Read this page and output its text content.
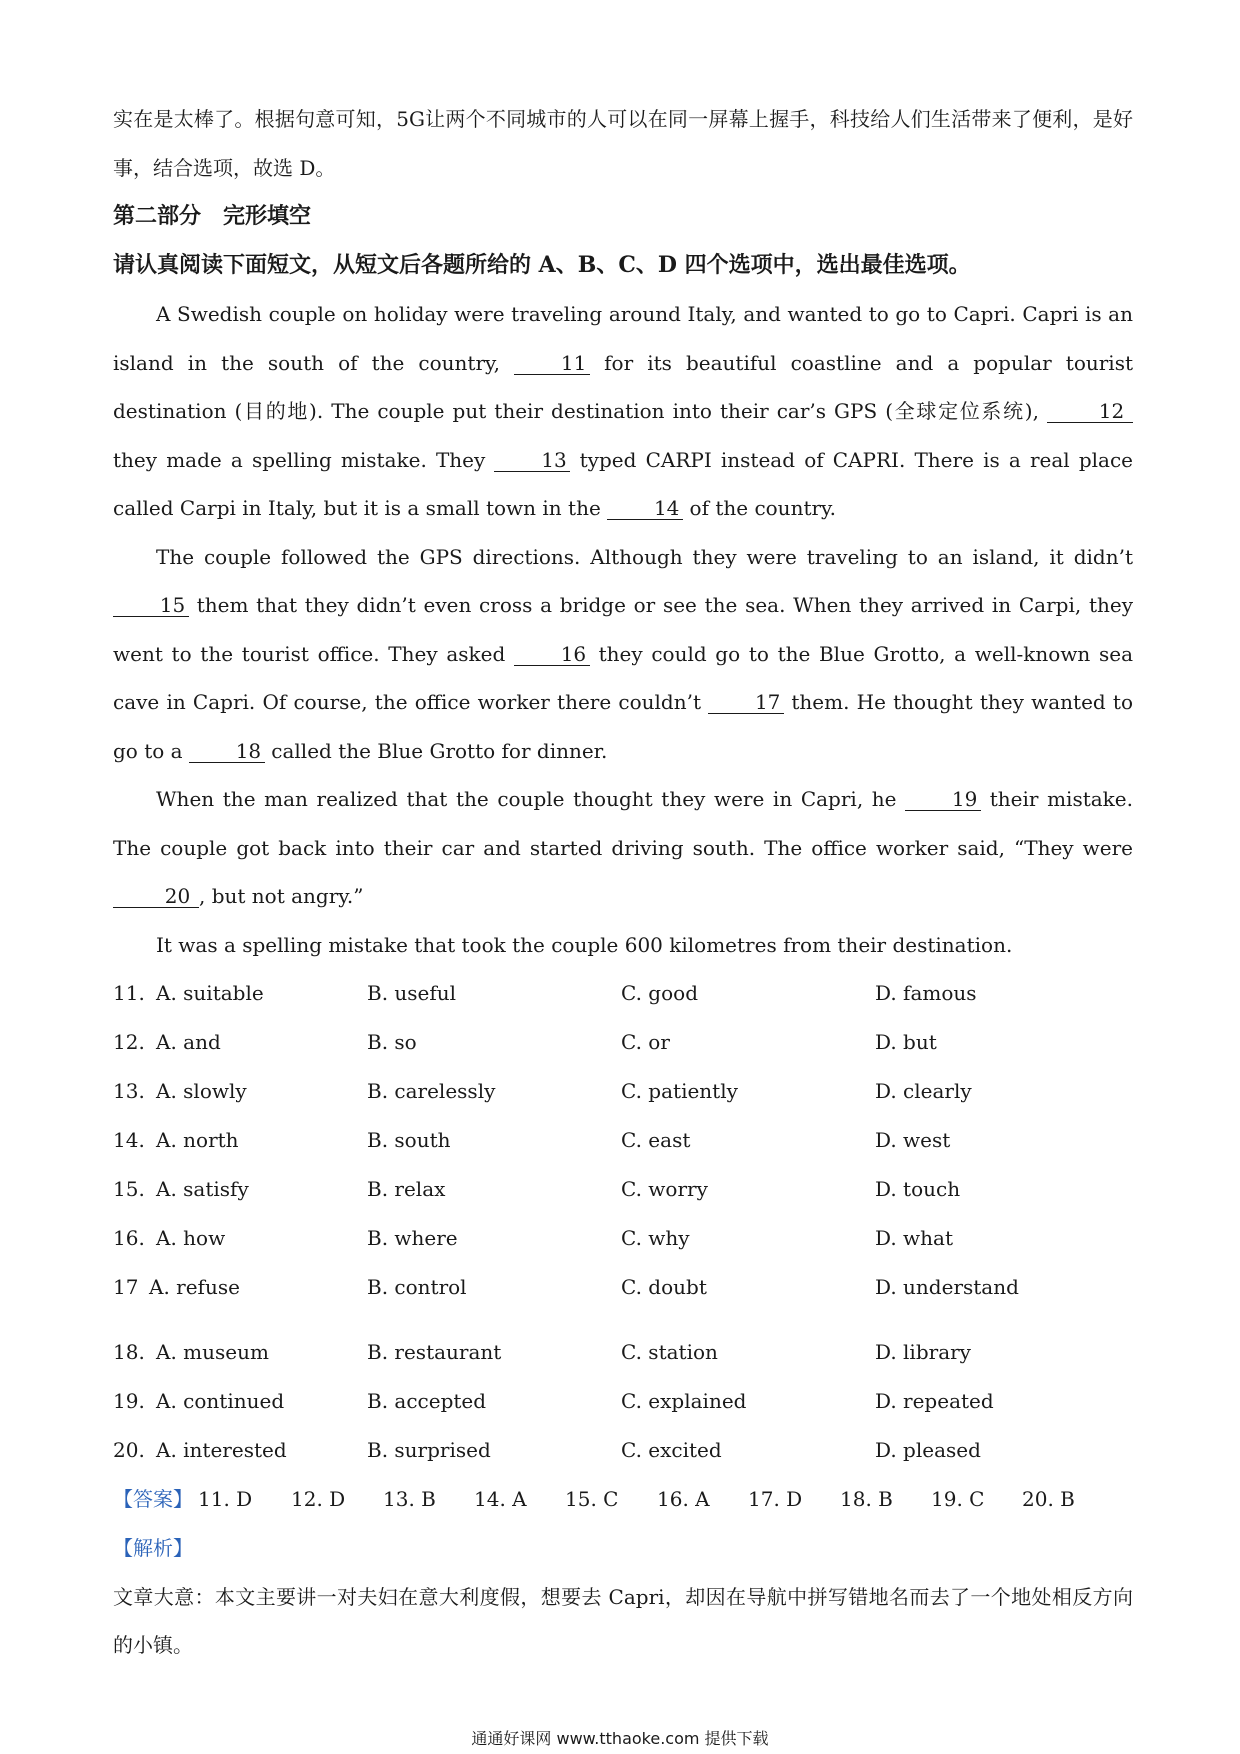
实在是太棒了。根据句意可知，5G让两个不同城市的人可以在同一屏幕上握手，科技给人们生活带来了便利，是好事，结合选项，故选 D。

第二部分　完形填空

请认真阅读下面短文，从短文后各题所给的 A、B、C、D 四个选项中，选出最佳选项。

A Swedish couple on holiday were traveling around Italy, and wanted to go to Capri. Capri is an island in the south of the country, 11 for its beautiful coastline and a popular tourist destination (目的地). The couple put their destination into their car’s GPS (全球定位系统),	12 they made a spelling mistake. They 13 typed CARPI instead of CAPRI. There is a real place called Carpi in Italy, but it is a small town in the 14 of the country.

The couple followed the GPS directions. Although they were traveling to an island, it didn’t 15 them that they didn’t even cross a bridge or see the sea. When they arrived in Carpi, they went to the tourist office. They asked 16 they could go to the Blue Grotto, a well-known sea cave in Capri. Of course, the office worker there couldn’t 17 them. He thought they wanted to go to a 18 called the Blue Grotto for dinner.

When the man realized that the couple thought they were in Capri, he 19 their mistake. The couple got back into their car and started driving south. The office worker said, “They were 20 , but not angry.”

It was a spelling mistake that took the couple 600 kilometres from their destination.

11. A. suitable	B. useful	C. good	D. famous
12. A. and	B. so	C. or	D. but
13. A. slowly	B. carelessly	C. patiently	D. clearly
14. A. north	B. south	C. east	D. west
15. A. satisfy	B. relax	C. worry	D. touch
16. A. how	B. where	C. why	D. what
17 A. refuse	B. control	C. doubt	D. understand
18. A. museum	B. restaurant	C. station	D. library
19. A. continued	B. accepted	C. explained	D. repeated
20. A. interested	B. surprised	C. excited	D. pleased
【答案】 11. D 12. D 13. B 14. A 15. C 16. A 17. D 18. B 19. C 20. B

【解析】

文章大意：本文主要讲一对夫妇在意大利度假，想要去 Capri，却因在导航中拼写错地名而去了一个地处相反方向的小镇。

通通好课网 www.tthaoke.com 提供下载
